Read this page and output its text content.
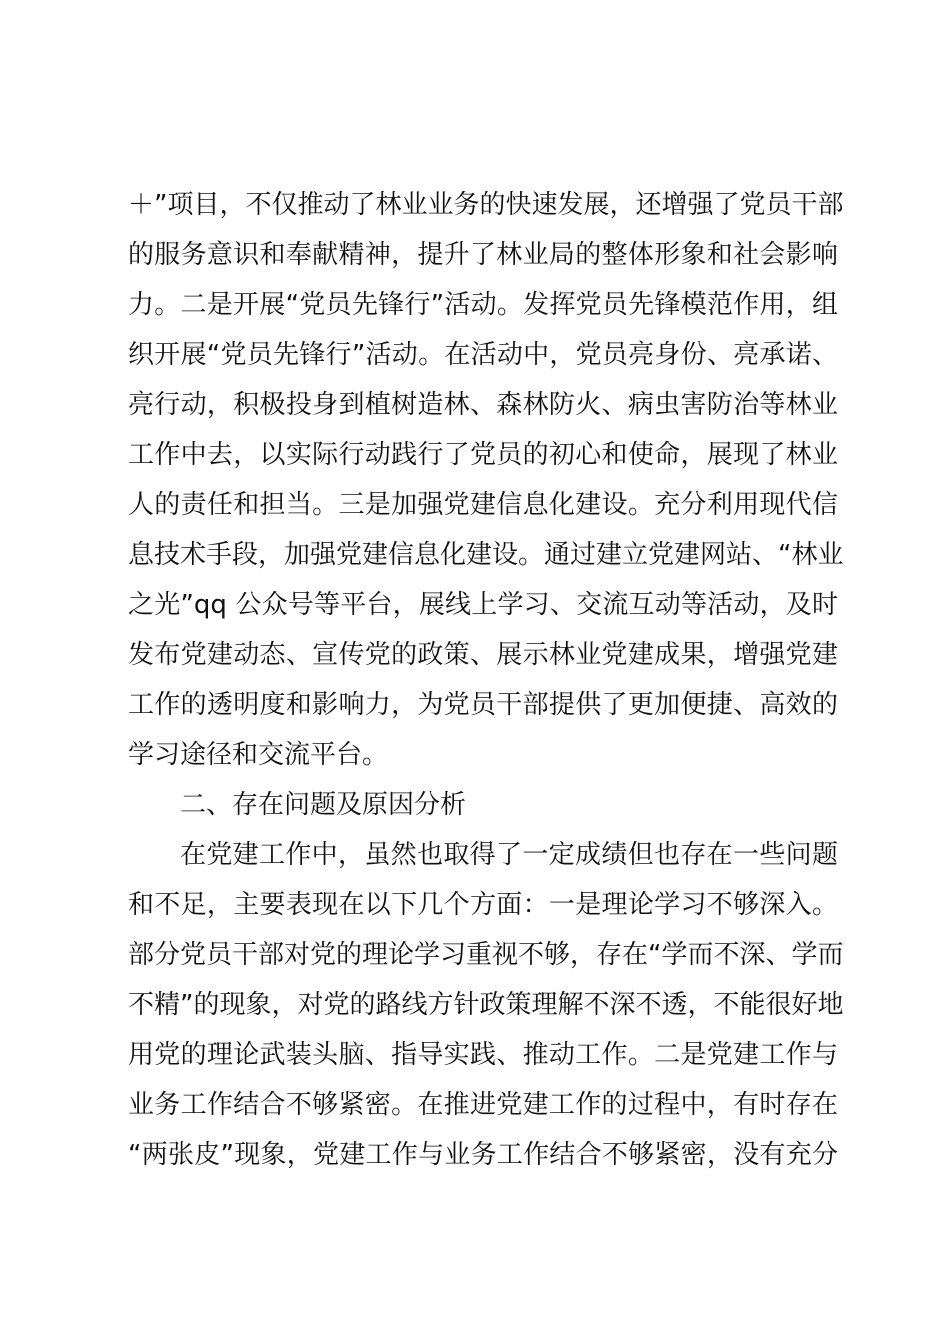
＋”项目，不仅推动了林业业务的快速发展，还增强了党员干部
的服务意识和奉献精神，提升了林业局的整体形象和社会影响
力。二是开展“党员先锋行”活动。发挥党员先锋模范作用，组
织开展“党员先锋行”活动。在活动中，党员亮身份、亮承诺、
亮行动，积极投身到植树造林、森林防火、病虫害防治等林业
工作中去，以实际行动践行了党员的初心和使命，展现了林业
人的责任和担当。三是加强党建信息化建设。充分利用现代信
息技术手段，加强党建信息化建设。通过建立党建网站、“林业
之光”qq 公众号等平台，展线上学习、交流互动等活动，及时
发布党建动态、宣传党的政策、展示林业党建成果，增强党建
工作的透明度和影响力，为党员干部提供了更加便捷、高效的
学习途径和交流平台。
二、存在问题及原因分析
在党建工作中，虽然也取得了一定成绩但也存在一些问题
和不足，主要表现在以下几个方面：一是理论学习不够深入。
部分党员干部对党的理论学习重视不够，存在“学而不深、学而
不精”的现象，对党的路线方针政策理解不深不透，不能很好地
用党的理论武装头脑、指导实践、推动工作。二是党建工作与
业务工作结合不够紧密。在推进党建工作的过程中，有时存在
“两张皮”现象，党建工作与业务工作结合不够紧密，没有充分
